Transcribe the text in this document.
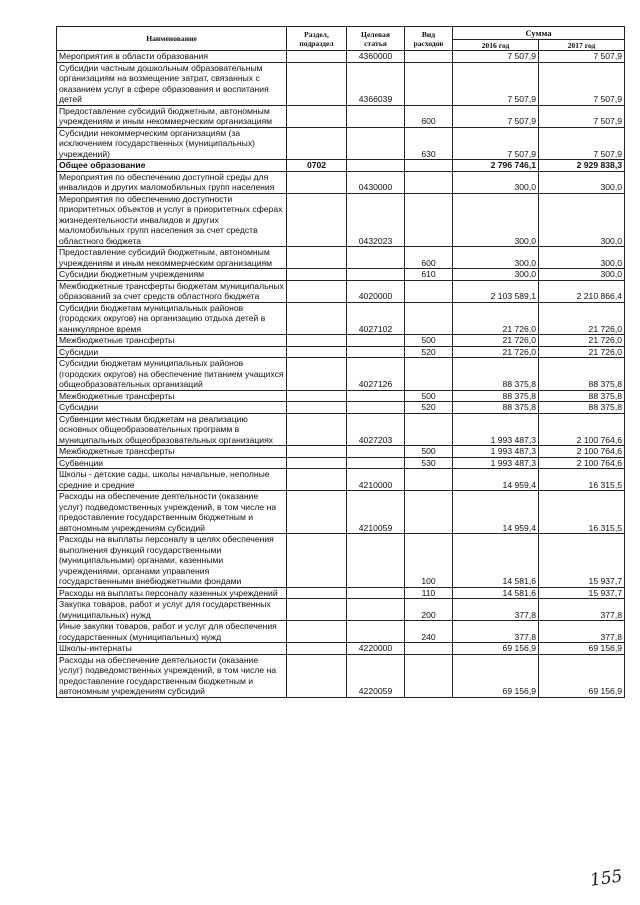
Наименование	Раздел, подраздел	Целевая статья	Вид расходов	Сумма	
				2016 год	2017 год
Мероприятия в области образования		4360000		7 507,9	7 507,9
Субсидии частным дошкольным образовательным организациям на возмещение затрат, связанных с оказанием услуг в сфере образования и воспитания детей		4366039		7 507,9	7 507,9
Предоставление субсидий бюджетным, автономным учреждениям и иным некоммерческим организациям			600	7 507,9	7 507,9
Субсидии некоммерческим организациям (за исключением государственных (муниципальных) учреждений)			630	7 507,9	7 507,9
Общее образование	0702			2 796 746,1	2 929 838,3
Мероприятия по обеспечению доступной среды для инвалидов и других маломобильных групп населения		0430000		300,0	300,0
Мероприятия по обеспечению доступности приоритетных объектов и услуг в приоритетных сферах жизнедеятельности инвалидов и других маломобильных групп населения за счет средств областного бюджета		0432023		300,0	300,0
Предоставление субсидий бюджетным, автономным учреждениям и иным некоммерческим организациям			600	300,0	300,0
Субсидии бюджетным учреждениям			610	300,0	300,0
Межбюджетные трансферты бюджетам муниципальных образований за счет средств областного бюджета		4020000		2 103 589,1	2 210 866,4
Субсидии бюджетам муниципальных районов (городских округов) на организацию отдыха детей в каникулярное время		4027102		21 726,0	21 726,0
Межбюджетные трансферты			500	21 726,0	21 726,0
Субсидии			520	21 726,0	21 726,0
Субсидии бюджетам муниципальных районов (городских округов) на обеспечение питанием учащихся общеобразовательных организаций		4027126		88 375,8	88 375,8
Межбюджетные трансферты			500	88 375,8	88 375,8
Субсидии			520	88 375,8	88 375,8
Субвенции местным бюджетам на реализацию основных общеобразовательных программ в муниципальных общеобразовательных организациях		4027203		1 993 487,3	2 100 764,6
Межбюджетные трансферты			500	1 993 487,3	2 100 764,6
Субвенции			530	1 993 487,3	2 100 764,6
Школы - детские сады, школы начальные, неполные средние и средние		4210000		14 959,4	16 315,5
Расходы на обеспечение деятельности (оказание услуг) подведомственных учреждений, в том числе на предоставление государственным бюджетным и автономным учреждениям субсидий		4210059		14 959,4	16 315,5
Расходы на выплаты персоналу в целях обеспечения выполнения функций государственными (муниципальными) органами, казенными учреждениями, органами управления государственными внебюджетными фондами			100	14 581,6	15 937,7
Расходы на выплаты персоналу казенных учреждений			110	14 581,6	15 937,7
Закупка товаров, работ и услуг для государственных (муниципальных) нужд			200	377,8	377,8
Иные закупки товаров, работ и услуг для обеспечения государственных (муниципальных) нужд			240	377,8	377,8
Школы-интернаты		4220000		69 156,9	69 156,9
Расходы на обеспечение деятельности (оказание услуг) подведомственных учреждений, в том числе на предоставление государственным бюджетным и автономным учреждениям субсидий		4220059		69 156,9	69 156,9
155
